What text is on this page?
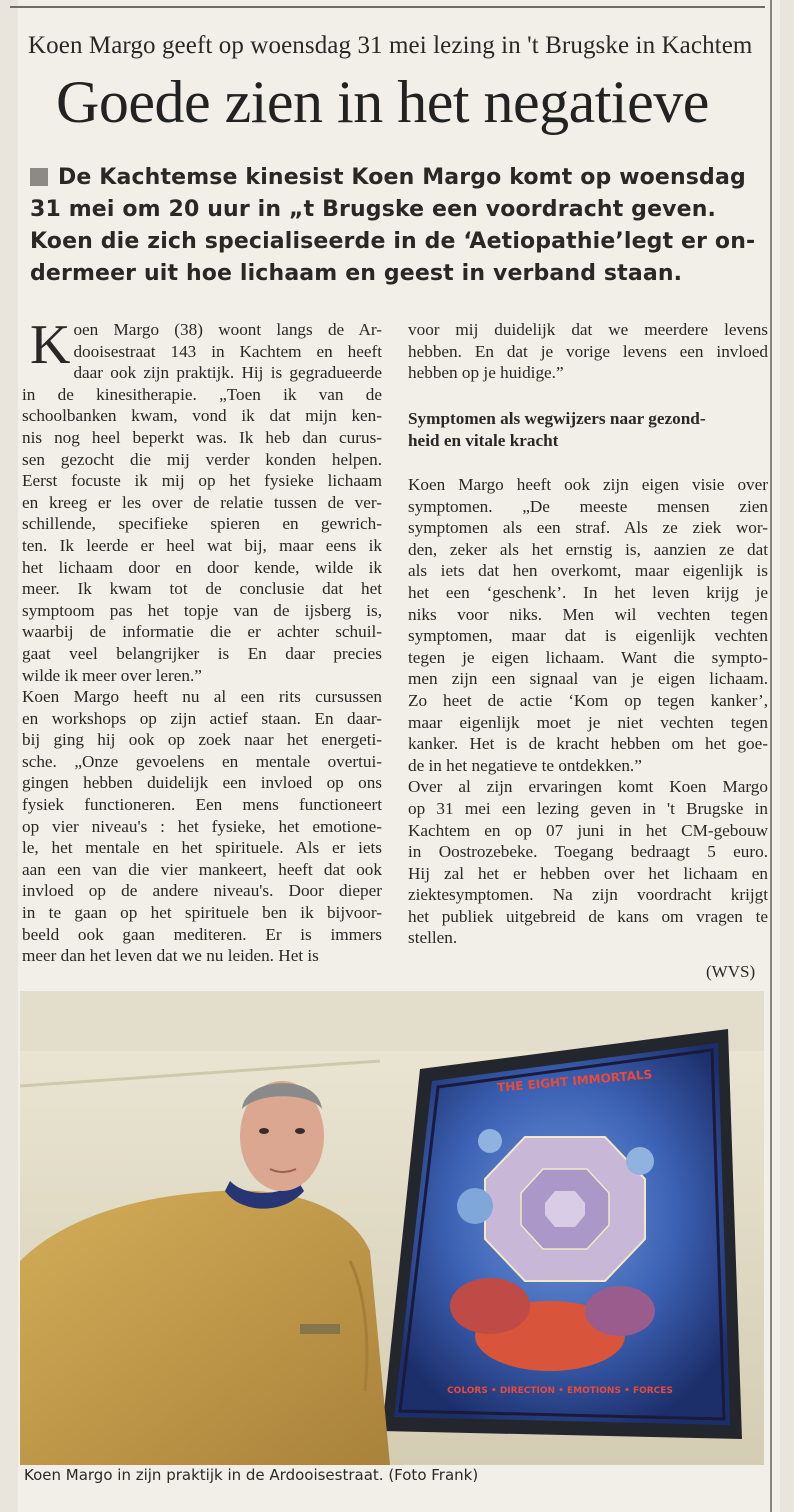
Koen Margo geeft op woensdag 31 mei lezing in 't Brugske in Kachtem
Goede zien in het negatieve
De Kachtemse kinesist Koen Margo komt op woensdag
31 mei om 20 uur in „t Brugske een voordracht geven.
Koen die zich specialiseerde in de ‘Aetiopathie’legt er on-
dermeer uit hoe lichaam en geest in verband staan.
K oen Margo (38) woont langs de Ar-
dooisestraat 143 in Kachtem en heeft
daar ook zijn praktijk. Hij is gegradueerde
in de kinesitherapie. „Toen ik van de
schoolbanken kwam, vond ik dat mijn ken-
nis nog heel beperkt was. Ik heb dan curus-
sen gezocht die mij verder konden helpen.
Eerst focuste ik mij op het fysieke lichaam
en kreeg er les over de relatie tussen de ver-
schillende, specifieke spieren en gewrich-
ten. Ik leerde er heel wat bij, maar eens ik
het lichaam door en door kende, wilde ik
meer. Ik kwam tot de conclusie dat het
symptoom pas het topje van de ijsberg is,
waarbij de informatie die er achter schuil-
gaat veel belangrijker is En daar precies
wilde ik meer over leren.”
Koen Margo heeft nu al een rits cursussen
en workshops op zijn actief staan. En daar-
bij ging hij ook op zoek naar het energeti-
sche. „Onze gevoelens en mentale overtui-
gingen hebben duidelijk een invloed op ons
fysiek functioneren. Een mens functioneert
op vier niveau's : het fysieke, het emotione-
le, het mentale en het spirituele. Als er iets
aan een van die vier mankeert, heeft dat ook
invloed op de andere niveau's. Door dieper
in te gaan op het spirituele ben ik bijvoor-
beeld ook gaan mediteren. Er is immers
meer dan het leven dat we nu leiden. Het is
voor mij duidelijk dat we meerdere levens
hebben. En dat je vorige levens een invloed
hebben op je huidige.”
Symptomen als wegwijzers naar gezond-
heid en vitale kracht
Koen Margo heeft ook zijn eigen visie over
symptomen. „De meeste mensen zien
symptomen als een straf. Als ze ziek wor-
den, zeker als het ernstig is, aanzien ze dat
als iets dat hen overkomt, maar eigenlijk is
het een ‘geschenk’. In het leven krijg je
niks voor niks. Men wil vechten tegen
symptomen, maar dat is eigenlijk vechten
tegen je eigen lichaam. Want die sympto-
men zijn een signaal van je eigen lichaam.
Zo heet de actie ‘Kom op tegen kanker’,
maar eigenlijk moet je niet vechten tegen
kanker. Het is de kracht hebben om het goe-
de in het negatieve te ontdekken.”
Over al zijn ervaringen komt Koen Margo
op 31 mei een lezing geven in 't Brugske in
Kachtem en op 07 juni in het CM-gebouw
in Oostrozebeke. Toegang bedraagt 5 euro.
Hij zal het er hebben over het lichaam en
ziektesymptomen. Na zijn voordracht krijgt
het publiek uitgebreid de kans om vragen te
stellen.
(WVS)
THE EIGHT IMMORTALS
COLORS • DIRECTION • EMOTIONS • FORCES
Koen Margo in zijn praktijk in de Ardooisestraat. (Foto Frank)
